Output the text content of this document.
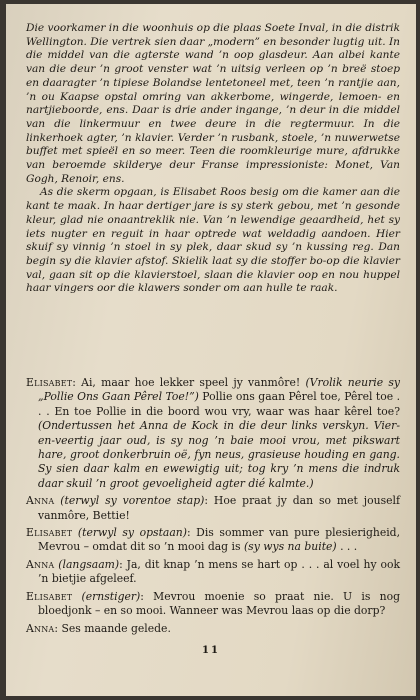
Die voorkamer in die woonhuis op die plaas Soete Inval, in die distrik Wellington. Die vertrek sien daar „modern” en besonder lugtig uit. In die middel van die agterste wand ’n oop glasdeur. Aan albei kante van die deur ’n groot venster wat ’n uitsig verleen op ’n breë stoep en daaragter ’n tipiese Bolandse lentetoneel met, teen ’n rantjie aan, ’n ou Kaapse opstal omring van akkerbome, wingerde, lemoen- en nartjieboorde, ens. Daar is drie ander ingange, ’n deur in die middel van die linkermuur en twee deure in die regtermuur. In die linkerhoek agter, ’n klavier. Verder ’n rusbank, stoele, ’n nuwerwetse buffet met spieël en so meer. Teen die roomkleurige mure, afdrukke van beroemde skilderye deur Franse impressioniste: Monet, Van Gogh, Renoir, ens.

As die skerm opgaan, is Elisabet Roos besig om die kamer aan die kant te maak. In haar dertiger jare is sy sterk gebou, met ’n gesonde kleur, glad nie onaantreklik nie. Van ’n lewendige geaardheid, het sy iets nugter en reguit in haar optrede wat weldadig aandoen. Hier skuif sy vinnig ’n stoel in sy plek, daar skud sy ’n kussing reg. Dan begin sy die klavier afstof. Skielik laat sy die stoffer bo-op die klavier val, gaan sit op die klavierstoel, slaan die klavier oop en nou huppel haar vingers oor die klawers sonder om aan hulle te raak.

Elisabet: Ai, maar hoe lekker speel jy vanmôre! (Vrolik neurie sy „Pollie Ons Gaan Pêrel Toe!”) Pollie ons gaan Pêrel toe, Pêrel toe . . . En toe Pollie in die boord wou vry, waar was haar kêrel toe? (Ondertussen het Anna de Kock in die deur links verskyn. Vier-en-veertig jaar oud, is sy nog ’n baie mooi vrou, met pikswart hare, groot donkerbruin oë, fyn neus, grasieuse houding en gang. Sy sien daar kalm en ewewigtig uit; tog kry ’n mens die indruk daar skuil ’n groot gevoeligheid agter dié kalmte.)

Anna (terwyl sy vorentoe stap): Hoe praat jy dan so met jouself vanmôre, Bettie!

Elisabet (terwyl sy opstaan): Dis sommer van pure plesierigheid, Mevrou – omdat dit so ’n mooi dag is (sy wys na buite) . . .

Anna (langsaam): Ja, dit knap ’n mens se hart op . . . al voel hy ook ’n bietjie afgeleef.

Elisabet (ernstiger): Mevrou moenie so praat nie. U is nog bloedjonk – en so mooi. Wanneer was Mevrou laas op die dorp?

Anna: Ses maande gelede.

11
